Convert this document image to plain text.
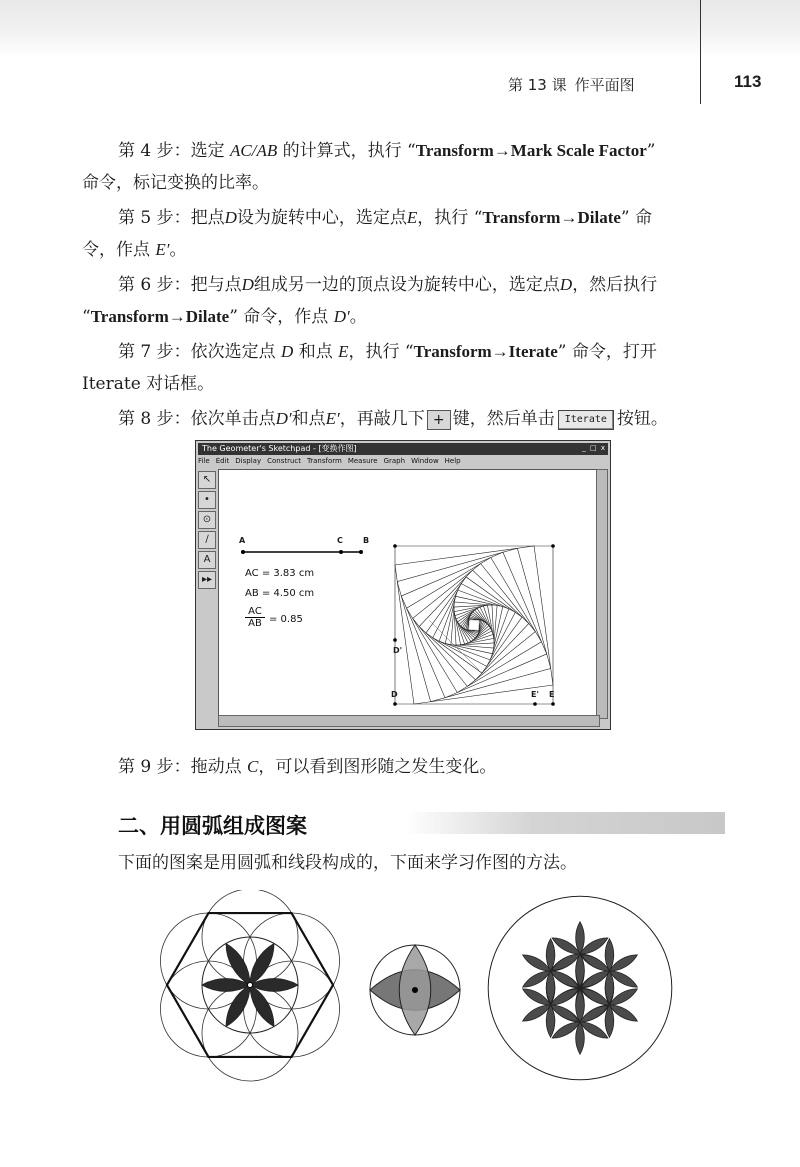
第 13 课 作平面图	113

第 4 步：选定 AC/AB 的计算式，执行 “Transform→Mark Scale Factor”

命令，标记变换的比率。

第 5 步：把点D设为旋转中心，选定点E，执行 “Transform→Dilate” 命

令，作点 E′。

第 6 步：把与点D组成另一边的顶点设为旋转中心，选定点D，然后执行

“Transform→Dilate” 命令，作点 D′。

第 7 步：依次选定点 D 和点 E，执行 “Transform→Iterate” 命令，打开

Iterate 对话框。

第 8 步：依次单击点D′和点E′，再敲几下 + 键，然后单击 Iterate 按钮。

The Geometer's Sketchpad - [变换作图]	_ □ x
File Edit Display Construct Transform Measure Graph Window Help
↖
•
⊙
∕
A
▸▸
A	C	B
AC = 3.83 cm
AB = 4.50 cm
$\frac{AC}{AB} = 0.85$
D'
D	E' E

第 9 步：拖动点 C，可以看到图形随之发生变化。

二、用圆弧组成图案

下面的图案是用圆弧和线段构成的，下面来学习作图的方法。
